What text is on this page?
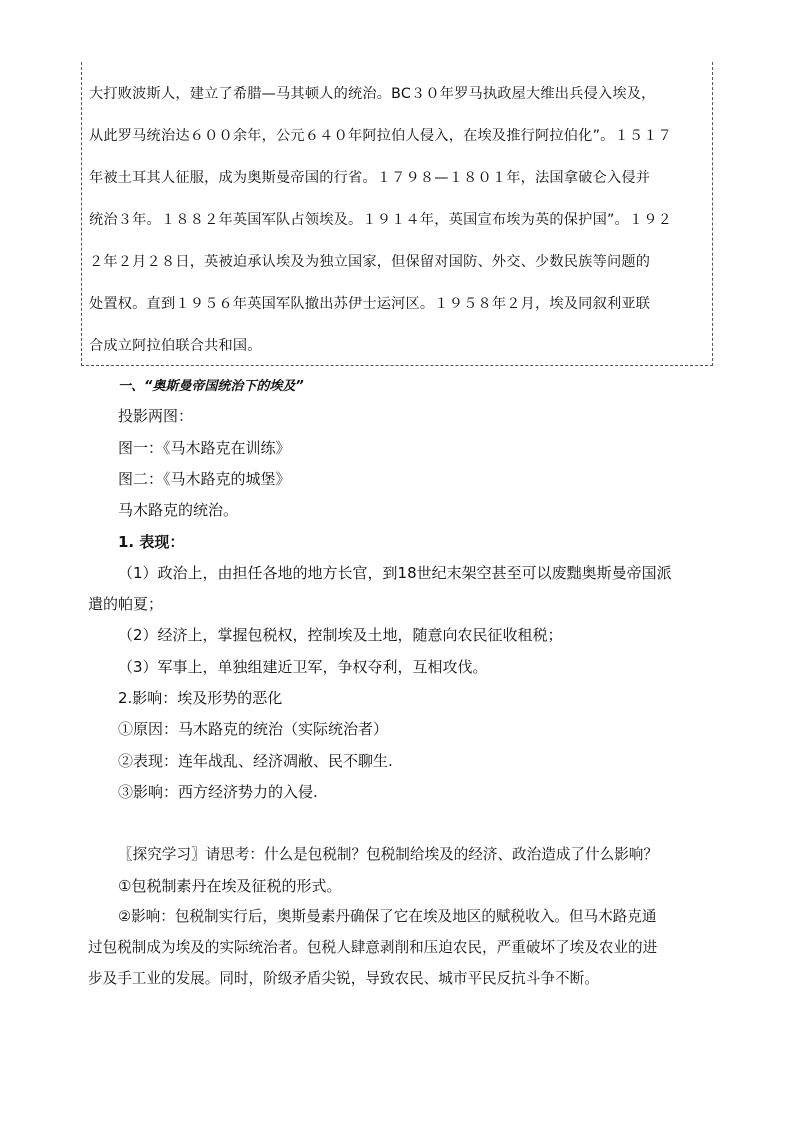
大打败波斯人，建立了希腊—马其顿人的统治。BC３０年罗马执政屋大维出兵侵入埃及，
从此罗马统治达６００余年，公元６４０年阿拉伯人侵入，在埃及推行阿拉伯化”。１５１７
年被土耳其人征服，成为奥斯曼帝国的行省。１７９８—１８０１年，法国拿破仑入侵并
统治３年。１８８２年英国军队占领埃及。１９１４年，英国宣布埃为英的保护国”。１９２
２年２月２８日，英被迫承认埃及为独立国家，但保留对国防、外交、少数民族等问题的
处置权。直到１９５６年英国军队撤出苏伊士运河区。１９５８年２月，埃及同叙利亚联
合成立阿拉伯联合共和国。
一、“奥斯曼帝国统治下的埃及”
投影两图：
图一：《马木路克在训练》
图二：《马木路克的城堡》
马木路克的统治。
1. 表现：
（1）政治上，由担任各地的地方长官，到18世纪末架空甚至可以废黜奥斯曼帝国派
遣的帕夏；
（2）经济上，掌握包税权，控制埃及土地，随意向农民征收租税；
（3）军事上，单独组建近卫军，争权夺利，互相攻伐。
2.影响：埃及形势的恶化
①原因：马木路克的统治（实际统治者）
②表现：连年战乱、经济凋敝、民不聊生.
③影响：西方经济势力的入侵.
〖探究学习〗请思考：什么是包税制？包税制给埃及的经济、政治造成了什么影响？
①包税制素丹在埃及征税的形式。
②影响：包税制实行后，奥斯曼素丹确保了它在埃及地区的赋税收入。但马木路克通
过包税制成为埃及的实际统治者。包税人肆意剥削和压迫农民，严重破坏了埃及农业的进
步及手工业的发展。同时，阶级矛盾尖锐，导致农民、城市平民反抗斗争不断。
